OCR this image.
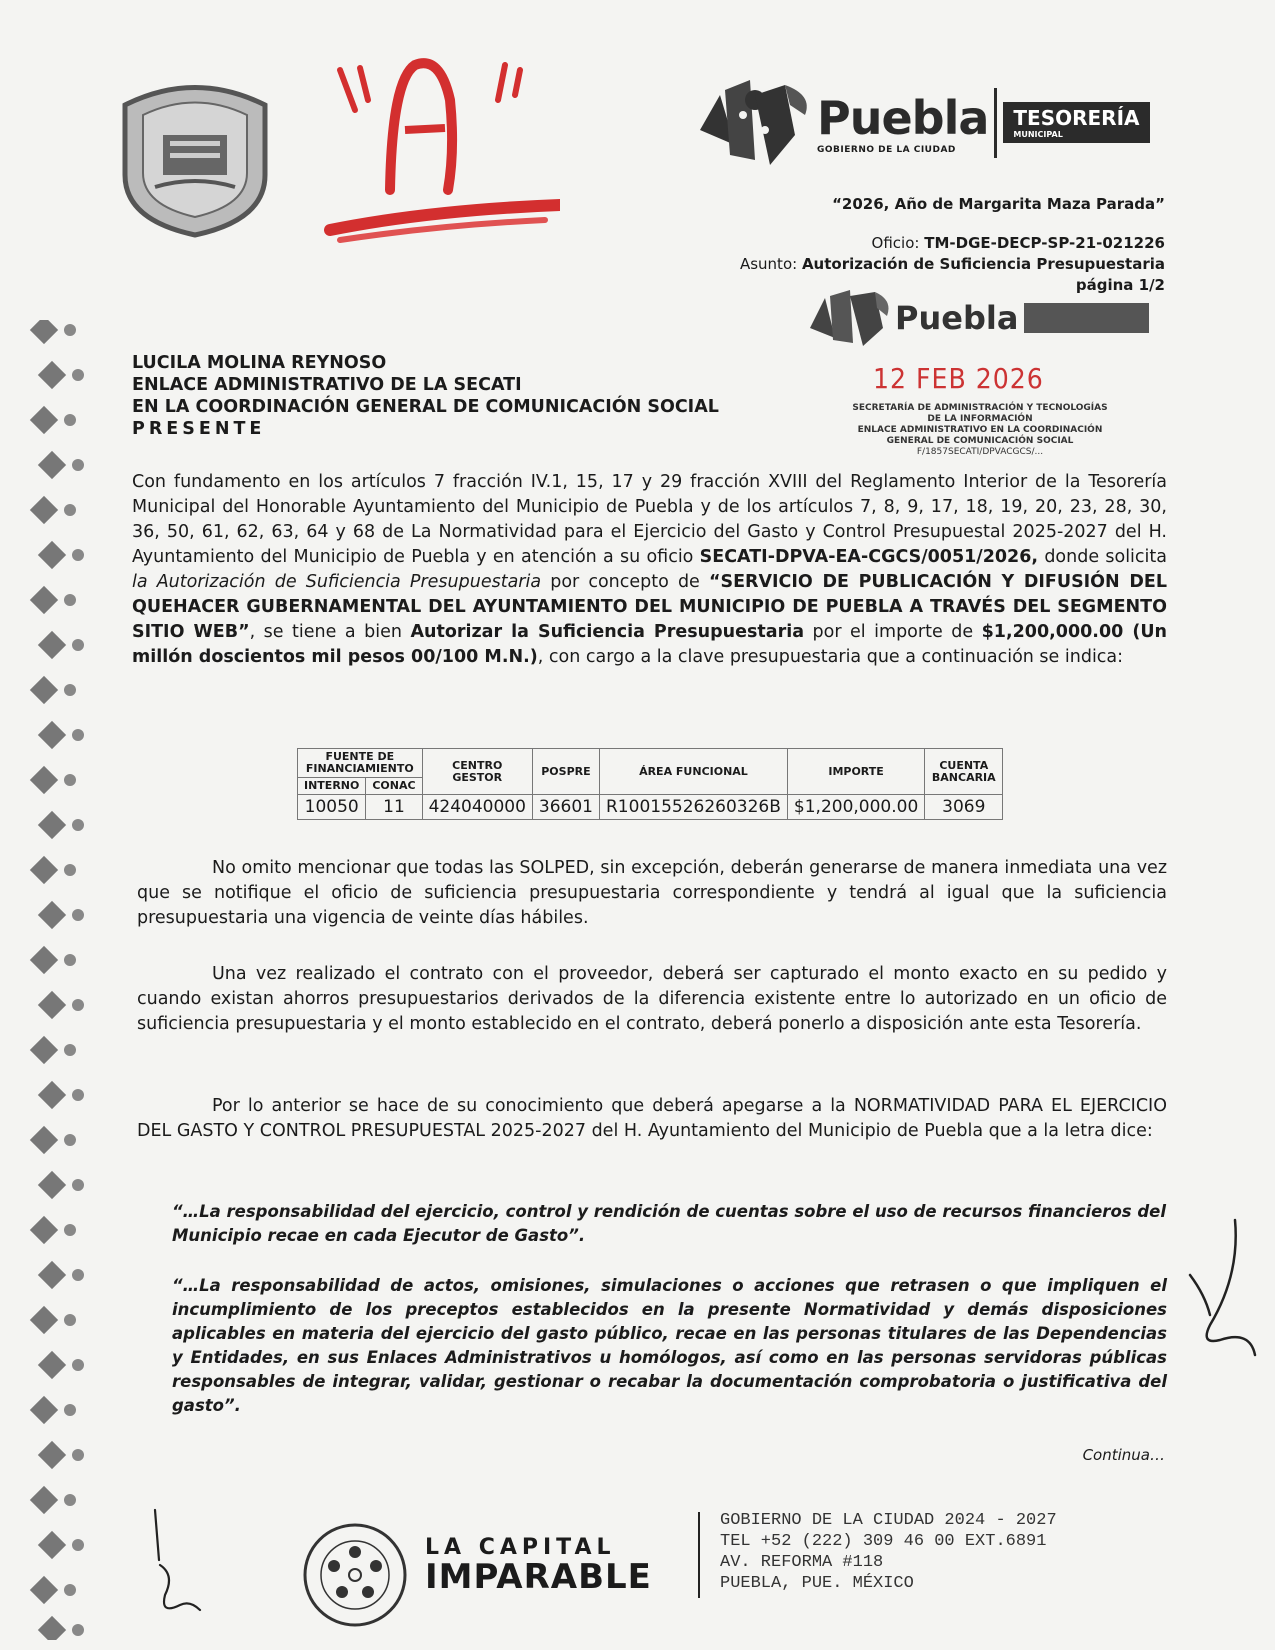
Puebla
GOBIERNO DE LA CIUDAD
TESORERÍA
MUNICIPAL
“2026, Año de Margarita Maza Parada”
Oficio: TM-DGE-DECP-SP-21-021226
Asunto: Autorización de Suficiencia Presupuestaria
página 1/2
Puebla
12 FEB 2026
SECRETARÍA DE ADMINISTRACIÓN Y TECNOLOGÍAS
DE LA INFORMACIÓN
ENLACE ADMINISTRATIVO EN LA COORDINACIÓN
GENERAL DE COMUNICACIÓN SOCIAL
F/1857SECATI/DPVACGCS/...
LUCILA MOLINA REYNOSO
ENLACE ADMINISTRATIVO DE LA SECATI
EN LA COORDINACIÓN GENERAL DE COMUNICACIÓN SOCIAL
PRESENTE
Con fundamento en los artículos 7 fracción IV.1, 15, 17 y 29 fracción XVIII del Reglamento Interior de la Tesorería Municipal del Honorable Ayuntamiento del Municipio de Puebla y de los artículos 7, 8, 9, 17, 18, 19, 20, 23, 28, 30, 36, 50, 61, 62, 63, 64 y 68 de La Normatividad para el Ejercicio del Gasto y Control Presupuestal 2025-2027 del H. Ayuntamiento del Municipio de Puebla y en atención a su oficio SECATI-DPVA-EA-CGCS/0051/2026, donde solicita la Autorización de Suficiencia Presupuestaria por concepto de “SERVICIO DE PUBLICACIÓN Y DIFUSIÓN DEL QUEHACER GUBERNAMENTAL DEL AYUNTAMIENTO DEL MUNICIPIO DE PUEBLA A TRAVÉS DEL SEGMENTO SITIO WEB”, se tiene a bien Autorizar la Suficiencia Presupuestaria por el importe de $1,200,000.00 (Un millón doscientos mil pesos 00/100 M.N.), con cargo a la clave presupuestaria que a continuación se indica:
FUENTE DE FINANCIAMIENTO		CENTRO GESTOR	POSPRE	ÁREA FUNCIONAL	IMPORTE	CUENTA BANCARIA
INTERNO	CONAC					
10050	11	424040000	36601	R10015526260326B	$1,200,000.00	3069
No omito mencionar que todas las SOLPED, sin excepción, deberán generarse de manera inmediata una vez que se notifique el oficio de suficiencia presupuestaria correspondiente y tendrá al igual que la suficiencia presupuestaria una vigencia de veinte días hábiles.
Una vez realizado el contrato con el proveedor, deberá ser capturado el monto exacto en su pedido y cuando existan ahorros presupuestarios derivados de la diferencia existente entre lo autorizado en un oficio de suficiencia presupuestaria y el monto establecido en el contrato, deberá ponerlo a disposición ante esta Tesorería.
Por lo anterior se hace de su conocimiento que deberá apegarse a la NORMATIVIDAD PARA EL EJERCICIO DEL GASTO Y CONTROL PRESUPUESTAL 2025-2027 del H. Ayuntamiento del Municipio de Puebla que a la letra dice:
“…La responsabilidad del ejercicio, control y rendición de cuentas sobre el uso de recursos financieros del Municipio recae en cada Ejecutor de Gasto”.
“…La responsabilidad de actos, omisiones, simulaciones o acciones que retrasen o que impliquen el incumplimiento de los preceptos establecidos en la presente Normatividad y demás disposiciones aplicables en materia del ejercicio del gasto público, recae en las personas titulares de las Dependencias y Entidades, en sus Enlaces Administrativos u homólogos, así como en las personas servidoras públicas responsables de integrar, validar, gestionar o recabar la documentación comprobatoria o justificativa del gasto”.
Continua…
LA CAPITAL
IMPARABLE
GOBIERNO DE LA CIUDAD 2024 - 2027
TEL +52 (222) 309 46 00 EXT.6891
AV. REFORMA #118
PUEBLA, PUE. MÉXICO
